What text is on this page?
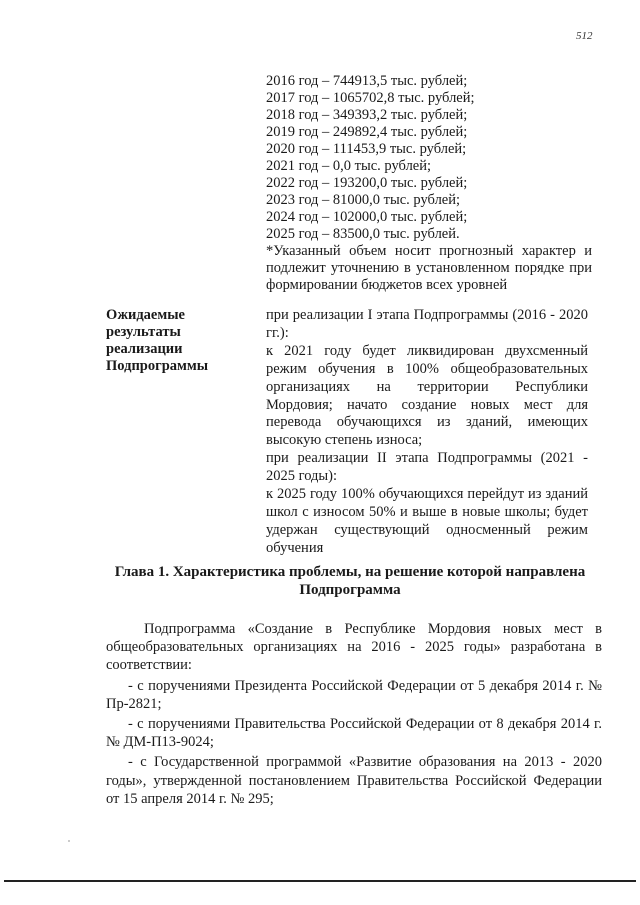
512
2016 год – 744913,5 тыс. рублей;
2017 год – 1065702,8 тыс. рублей;
2018 год – 349393,2 тыс. рублей;
2019 год – 249892,4 тыс. рублей;
2020 год – 111453,9 тыс. рублей;
2021 год – 0,0 тыс. рублей;
2022 год – 193200,0 тыс. рублей;
2023 год – 81000,0 тыс. рублей;
2024 год – 102000,0 тыс. рублей;
2025 год – 83500,0 тыс. рублей.
*Указанный объем носит прогнозный характер и подлежит уточнению в установленном порядке при формировании бюджетов всех уровней
Ожидаемые результаты реализации Подпрограммы
при реализации I этапа Подпрограммы (2016 - 2020 гг.):
к 2021 году будет ликвидирован двухсменный режим обучения в 100% общеобразовательных организациях на территории Республики Мордовия; начато создание новых мест для перевода обучающихся из зданий, имеющих высокую степень износа;
при реализации II этапа Подпрограммы (2021 - 2025 годы):
к 2025 году 100% обучающихся перейдут из зданий школ с износом 50% и выше в новые школы; будет удержан существующий односменный режим обучения
Глава 1. Характеристика проблемы, на решение которой направлена Подпрограмма

Подпрограмма «Создание в Республике Мордовия новых мест в общеобразовательных организациях на 2016 - 2025 годы» разработана в соответствии:

- с поручениями Президента Российской Федерации от 5 декабря 2014 г. № Пр-2821;

- с поручениями Правительства Российской Федерации от 8 декабря 2014 г. № ДМ-П13-9024;

- с Государственной программой «Развитие образования на 2013 - 2020 годы», утвержденной постановлением Правительства Российской Федерации от 15 апреля 2014 г. № 295;
